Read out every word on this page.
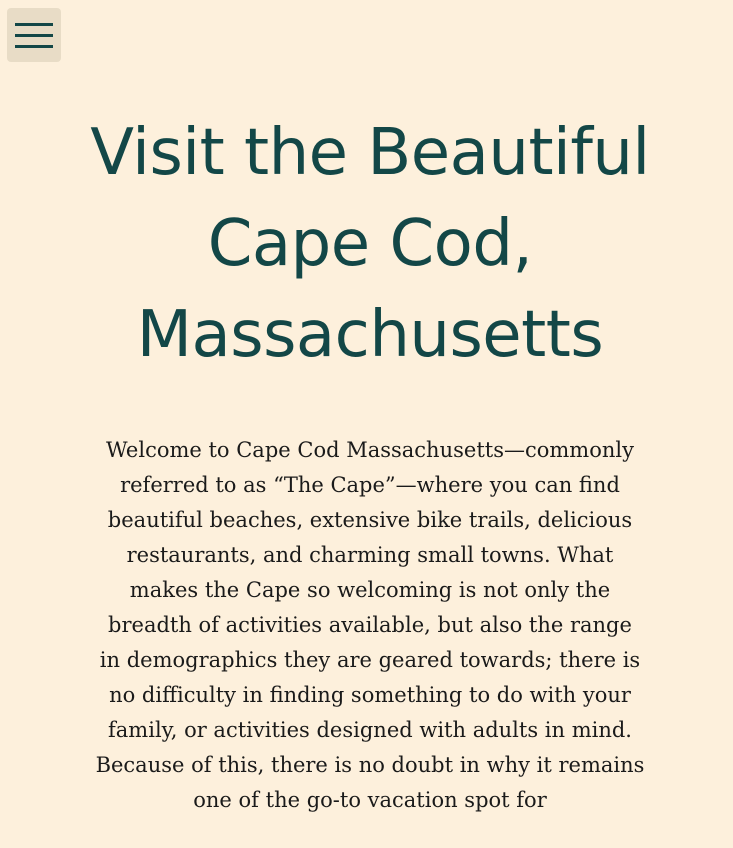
Visit the Beautiful Cape Cod, Massachusetts

Welcome to Cape Cod Massachusetts—commonly referred to as “The Cape”—where you can find beautiful beaches, extensive bike trails, delicious restaurants, and charming small towns. What makes the Cape so welcoming is not only the breadth of activities available, but also the range in demographics they are geared towards; there is no difficulty in finding something to do with your family, or activities designed with adults in mind. Because of this, there is no doubt in why it remains one of the go-to vacation spot for
